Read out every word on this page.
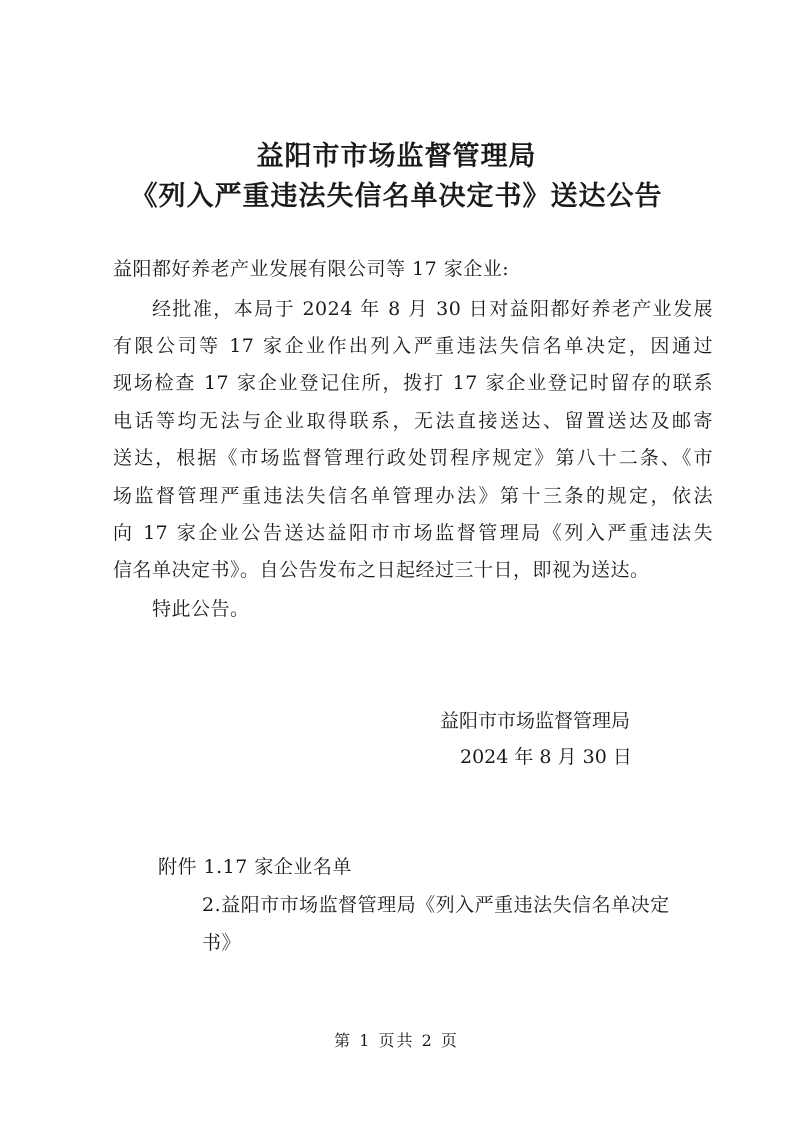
益阳市市场监督管理局
《列入严重违法失信名单决定书》送达公告
益阳都好养老产业发展有限公司等 17 家企业:
经批准，本局于 2024 年 8 月 30 日对益阳都好养老产业发展
有限公司等 17 家企业作出列入严重违法失信名单决定，因通过
现场检查 17 家企业登记住所，拨打 17 家企业登记时留存的联系
电话等均无法与企业取得联系，无法直接送达、留置送达及邮寄
送达，根据《市场监督管理行政处罚程序规定》第八十二条、《市
场监督管理严重违法失信名单管理办法》第十三条的规定，依法
向 17 家企业公告送达益阳市市场监督管理局《列入严重违法失
信名单决定书》。自公告发布之日起经过三十日，即视为送达。
特此公告。
益阳市市场监督管理局
2024 年 8 月 30 日
附件 1.17 家企业名单
2.益阳市市场监督管理局《列入严重违法失信名单决定
书》
第 1 页共 2 页
